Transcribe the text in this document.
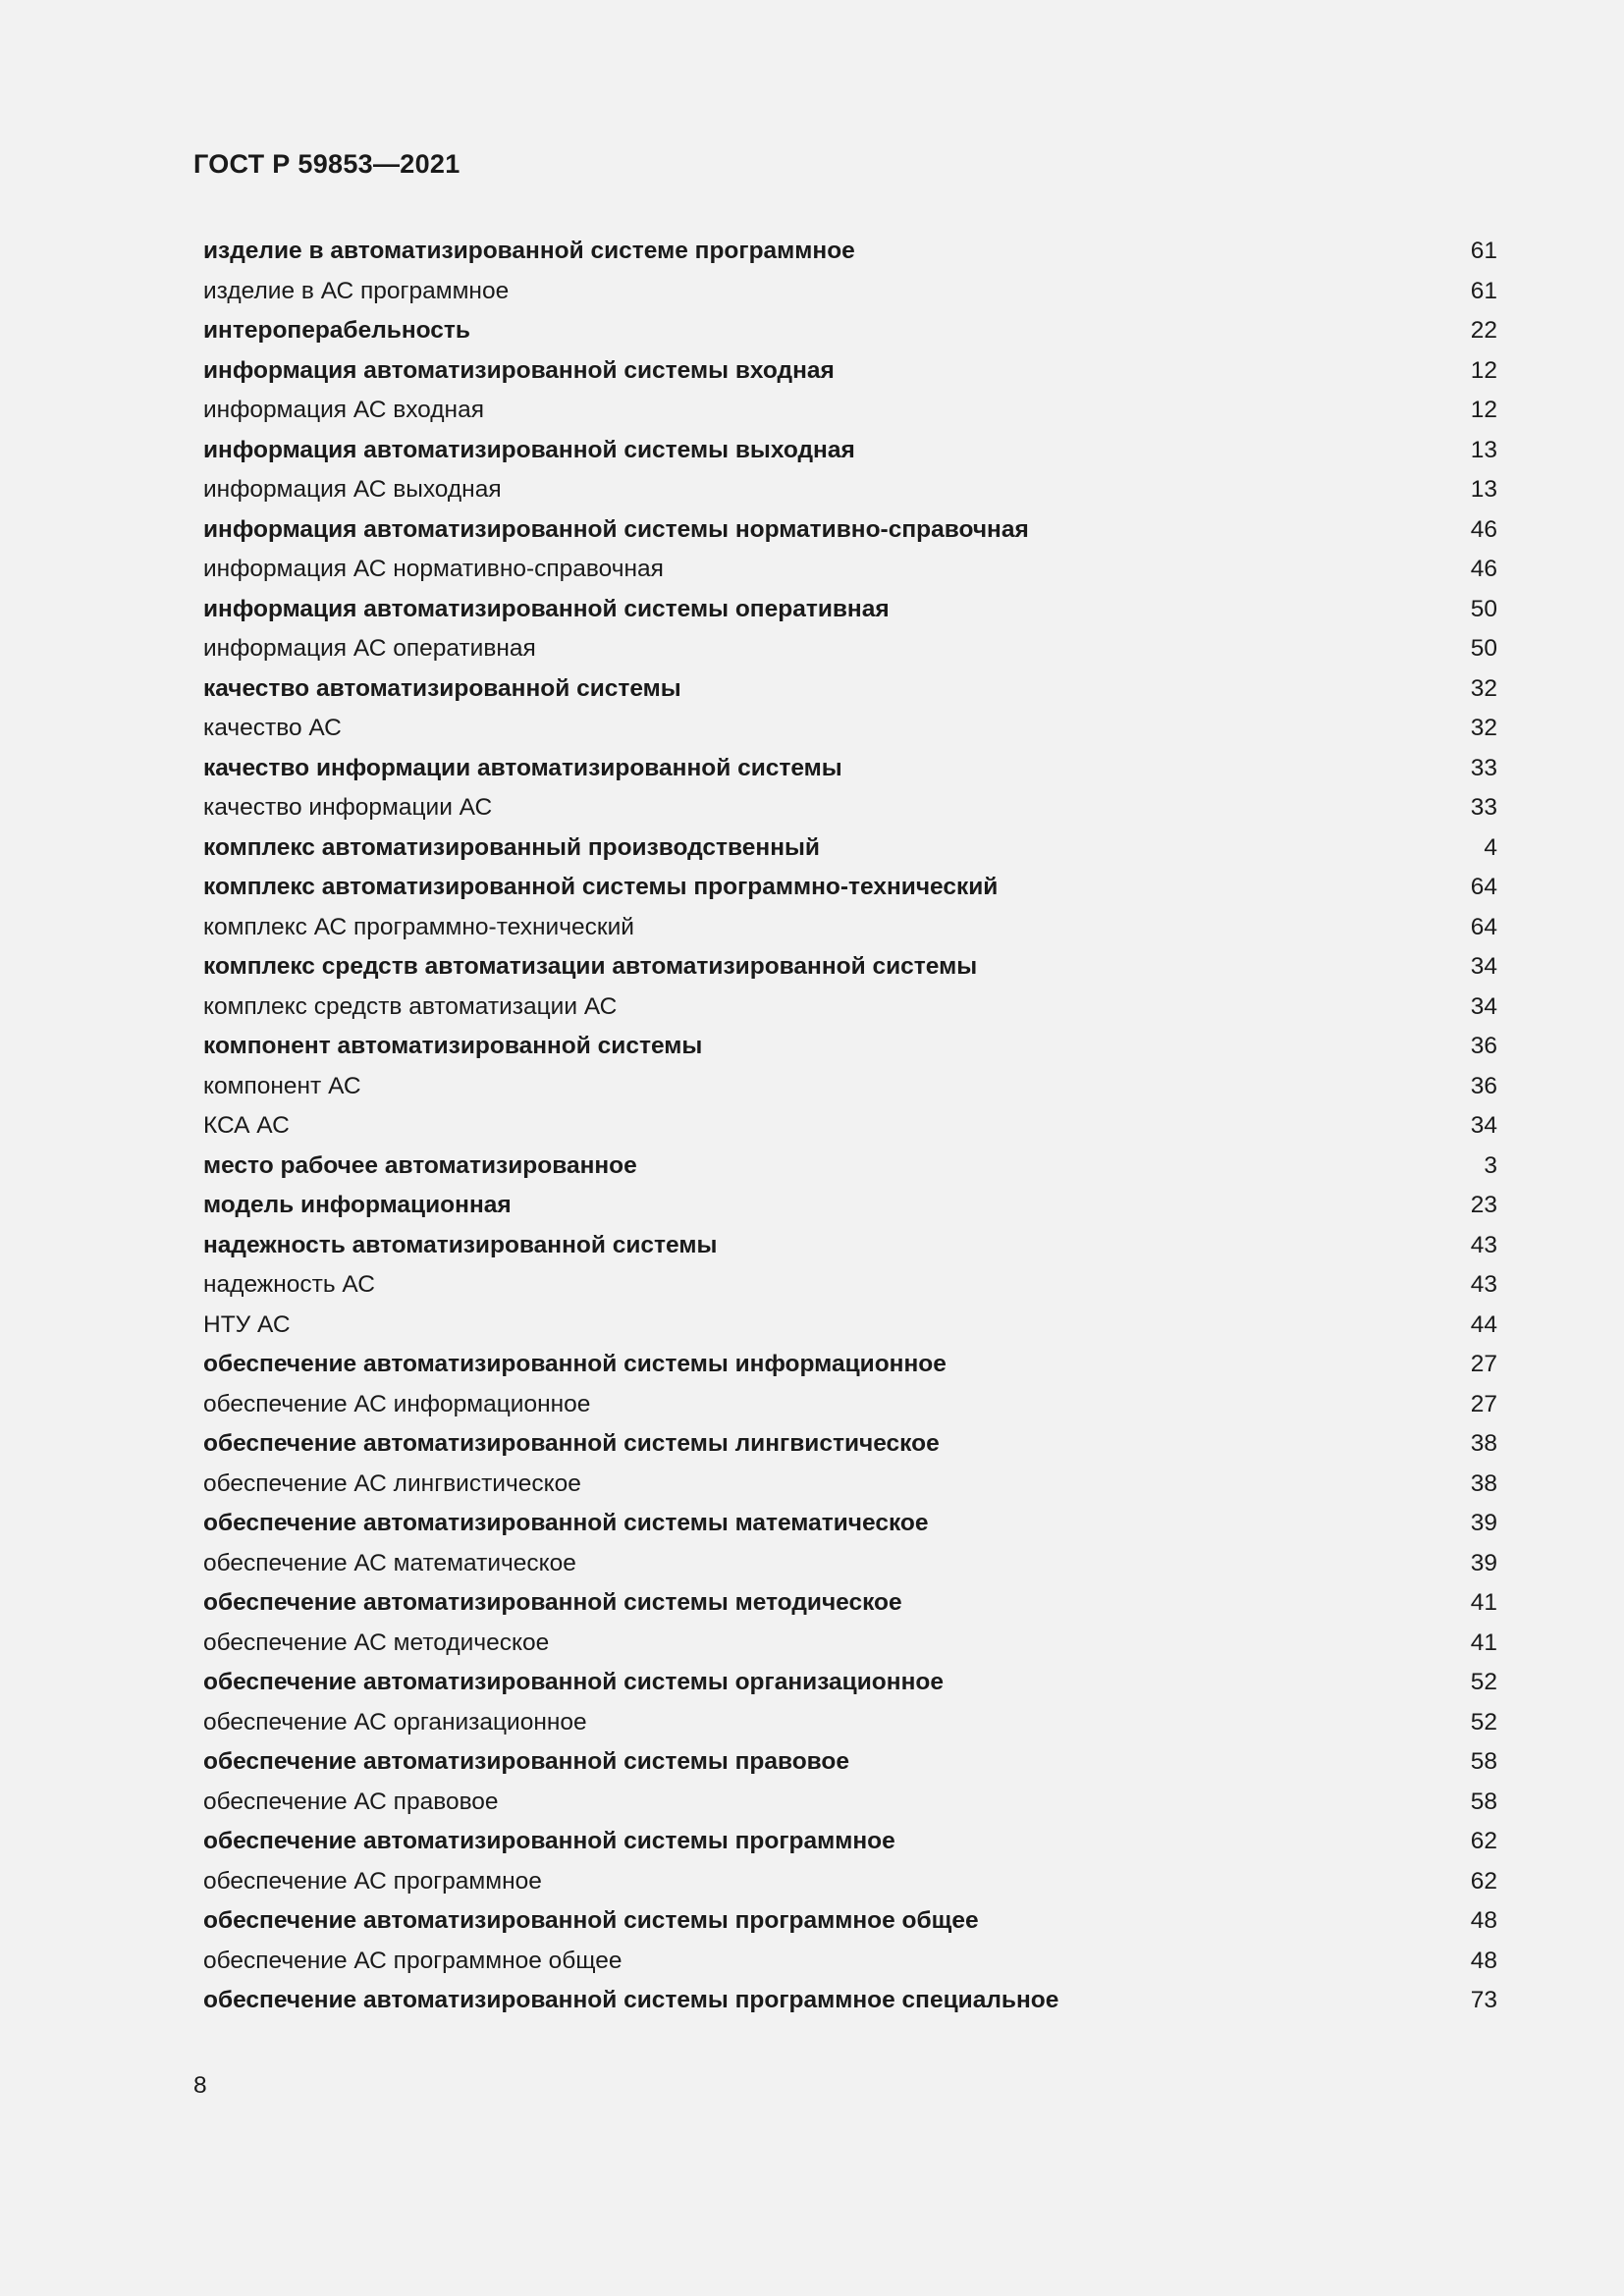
ГОСТ Р 59853—2021
изделие в автоматизированной системе программное	61
изделие в АС программное	61
интероперабельность	22
информация автоматизированной системы входная	12
информация АС входная	12
информация автоматизированной системы выходная	13
информация АС выходная	13
информация автоматизированной системы нормативно-справочная	46
информация АС нормативно-справочная	46
информация автоматизированной системы оперативная	50
информация АС оперативная	50
качество автоматизированной системы	32
качество АС	32
качество информации автоматизированной системы	33
качество информации АС	33
комплекс автоматизированный производственный	4
комплекс автоматизированной системы программно-технический	64
комплекс АС программно-технический	64
комплекс средств автоматизации автоматизированной системы	34
комплекс средств автоматизации АС	34
компонент автоматизированной системы	36
компонент АС	36
КСА АС	34
место рабочее автоматизированное	3
модель информационная	23
надежность автоматизированной системы	43
надежность АС	43
НТУ АС	44
обеспечение автоматизированной системы информационное	27
обеспечение АС информационное	27
обеспечение автоматизированной системы лингвистическое	38
обеспечение АС лингвистическое	38
обеспечение автоматизированной системы математическое	39
обеспечение АС математическое	39
обеспечение автоматизированной системы методическое	41
обеспечение АС методическое	41
обеспечение автоматизированной системы организационное	52
обеспечение АС организационное	52
обеспечение автоматизированной системы правовое	58
обеспечение АС правовое	58
обеспечение автоматизированной системы программное	62
обеспечение АС программное	62
обеспечение автоматизированной системы программное общее	48
обеспечение АС программное общее	48
обеспечение автоматизированной системы программное специальное	73
8
